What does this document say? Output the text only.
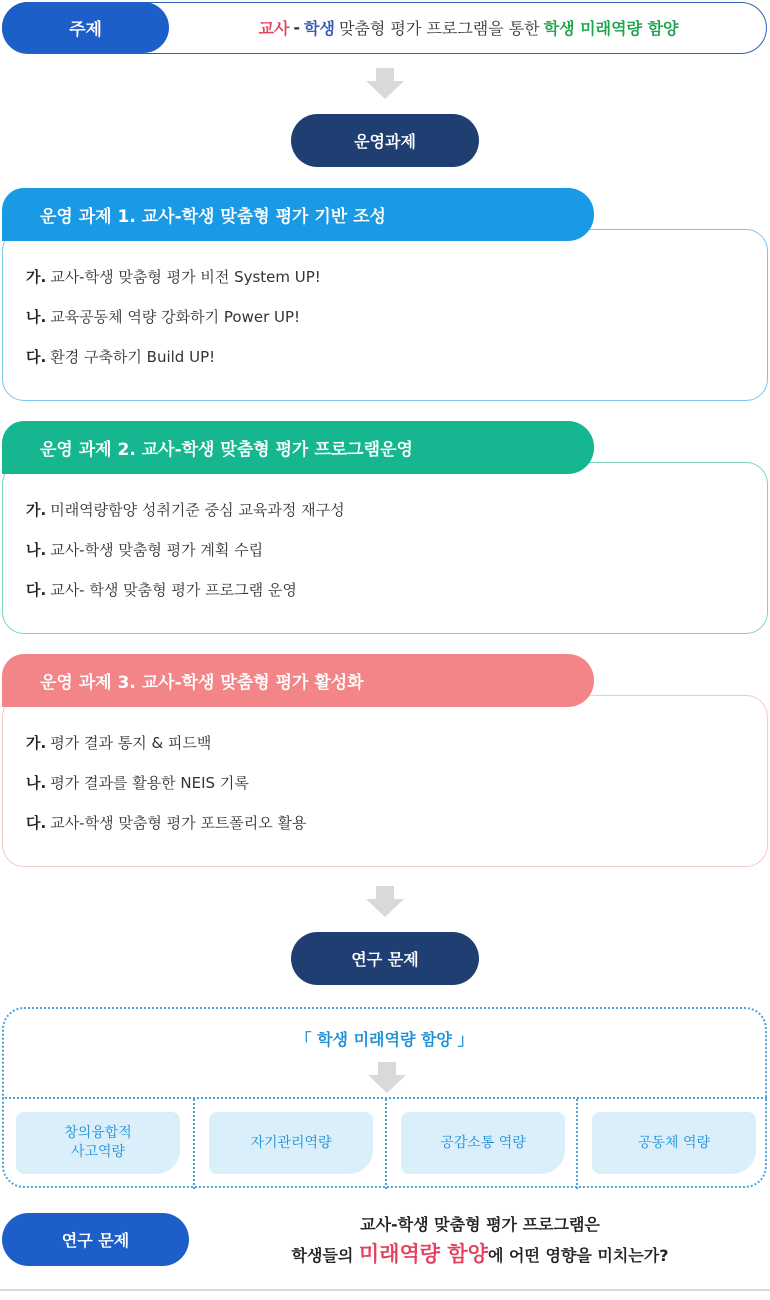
주제	교사 - 학생 맞춤형 평가 프로그램을 통한 학생 미래역량 함양
운영과제
운영 과제 1. 교사-학생 맞춤형 평가 기반 조성
가. 교사-학생 맞춤형 평가 비전 System UP!
나. 교육공동체 역량 강화하기 Power UP!
다. 환경 구축하기 Build UP!
운영 과제 2. 교사-학생 맞춤형 평가 프로그램운영
가. 미래역량함양 성취기준 중심 교육과정 재구성
나. 교사-학생 맞춤형 평가 계획 수립
다. 교사- 학생 맞춤형 평가 프로그램 운영
운영 과제 3. 교사-학생 맞춤형 평가 활성화
가. 평가 결과 통지 & 피드백
나. 평가 결과를 활용한 NEIS 기록
다. 교사-학생 맞춤형 평가 포트폴리오 활용
연구 문제
「 학생 미래역량 함양 」
창의융합적
사고역량
자기관리역량	공감소통 역량	공동체 역량
연구 문제
교사-학생 맞춤형 평가 프로그램은
학생들의 미래역량 함양에 어떤 영향을 미치는가?
